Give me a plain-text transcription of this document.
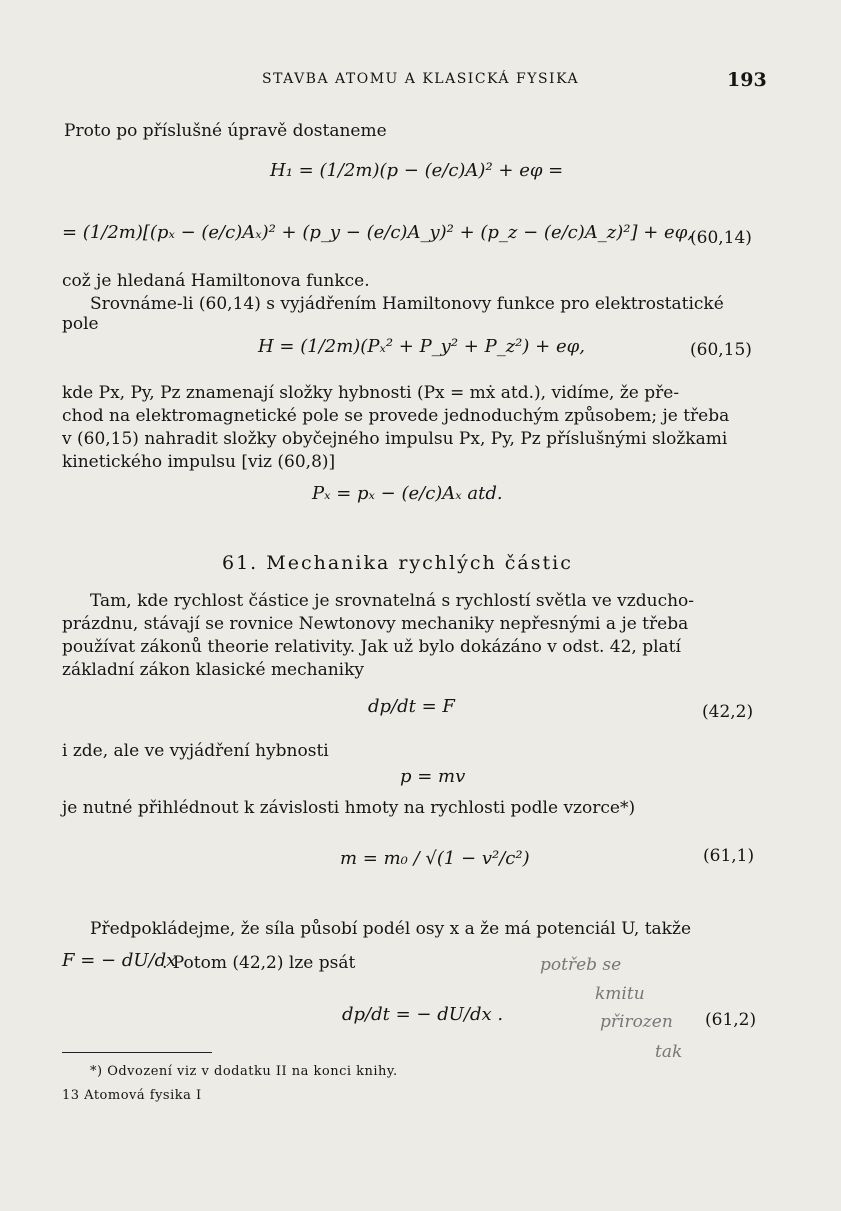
STAVBA ATOMU A KLASICKÁ FYSIKA	193
Proto po příslušné úpravě dostaneme
H₁ = (1/2m)(p − (e/c)A)² + eφ =
= (1/2m)[(pₓ − (e/c)Aₓ)² + (p_y − (e/c)A_y)² + (p_z − (e/c)A_z)²] + eφ,
(60,14)
což je hledaná Hamiltonova funkce.
Srovnáme-li (60,14) s vyjádřením Hamiltonovy funkce pro elektrostatické
pole
H = (1/2m)(Pₓ² + P_y² + P_z²) + eφ,	(60,15)
kde Px, Py, Pz znamenají složky hybnosti (Px = mẋ atd.), vidíme, že pře-
chod na elektromagnetické pole se provede jednoduchým způsobem; je třeba
v (60,15) nahradit složky obyčejného impulsu Px, Py, Pz příslušnými složkami
kinetického impulsu [viz (60,8)]
Pₓ = pₓ − (e/c)Aₓ atd.
61. Mechanika rychlých částic
Tam, kde rychlost částice je srovnatelná s rychlostí světla ve vzducho-
prázdnu, stávají se rovnice Newtonovy mechaniky nepřesnými a je třeba
používat zákonů theorie relativity. Jak už bylo dokázáno v odst. 42, platí
základní zákon klasické mechaniky
dp/dt = F	(42,2)
i zde, ale ve vyjádření hybnosti
p = mv
je nutné přihlédnout k závislosti hmoty na rychlosti podle vzorce*)
m = m₀ / √(1 − v²/c²)	(61,1)
Předpokládejme, že síla působí podél osy x a že má potenciál U, takže
F = − dU/dx
. Potom (42,2) lze psát
dp/dt = − dU/dx .	(61,2)
*) Odvození viz v dodatku II na konci knihy.
13 Atomová fysika I
potřeb se
kmitu
přirozen
tak
